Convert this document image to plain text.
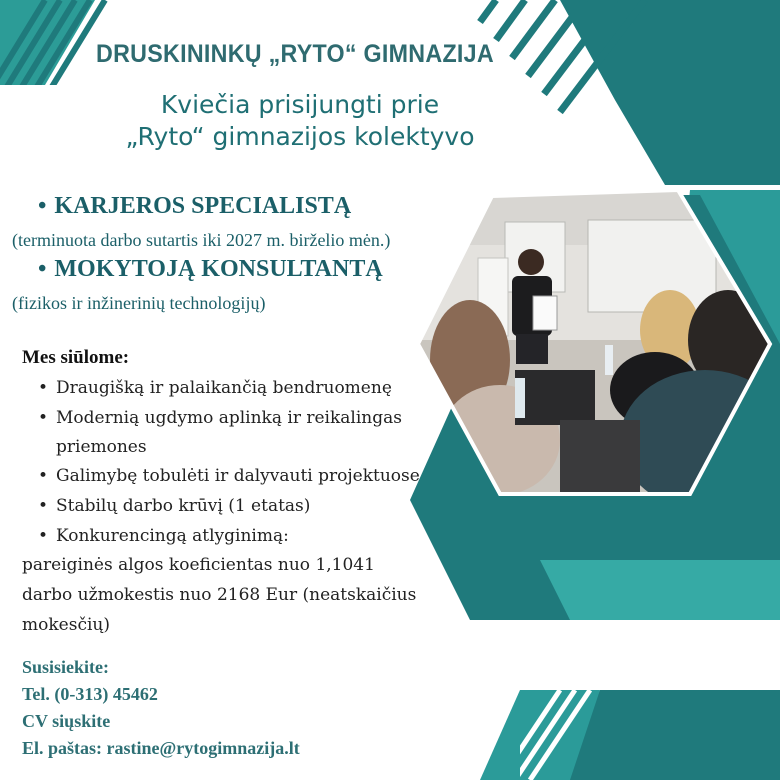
DRUSKININKŲ „RYTO“ GIMNAZIJA
Kviečia prisijungti prie
„Ryto“ gimnazijos kolektyvo
• KARJEROS SPECIALISTĄ
(terminuota darbo sutartis iki 2027 m. birželio mėn.)
• MOKYTOJĄ KONSULTANTĄ
(fizikos ir inžinerinių technologijų)
Mes siūlome:
• Draugišką ir palaikančią bendruomenę
• Modernią ugdymo aplinką ir reikalingas
priemones
• Galimybę tobulėti ir dalyvauti projektuose
• Stabilų darbo krūvį (1 etatas)
• Konkurencingą atlyginimą:
pareiginės algos koeficientas nuo 1,1041
darbo užmokestis nuo 2168 Eur (neatskaičius
mokesčių)
Susisiekite:
Tel. (0-313) 45462
CV siųskite
El. paštas: rastine@rytogimnazija.lt
